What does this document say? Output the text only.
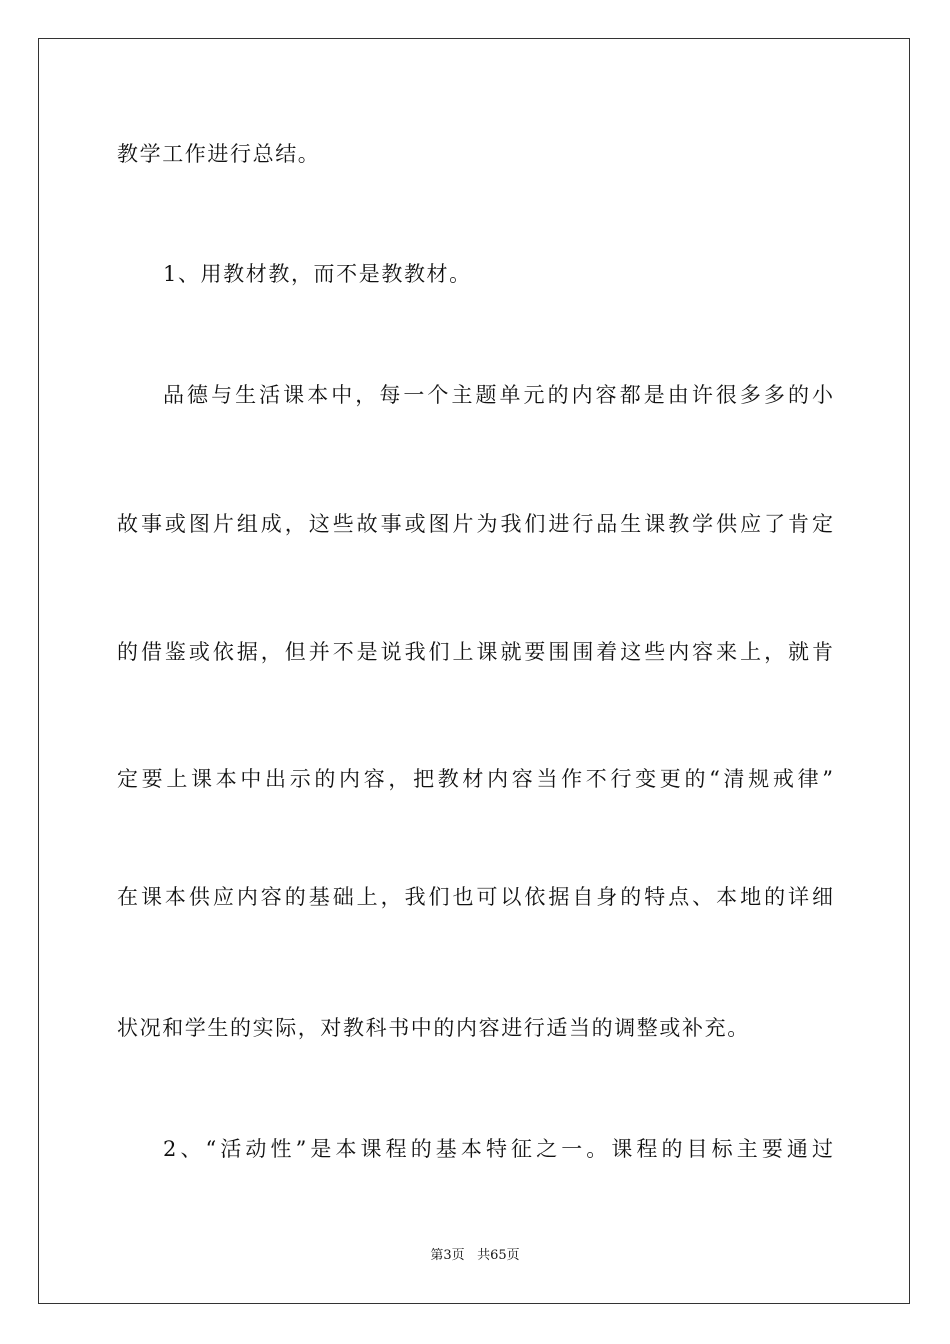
教学工作进行总结。
1、用教材教，而不是教教材。
品德与生活课本中，每一个主题单元的内容都是由许很多多的小
故事或图片组成，这些故事或图片为我们进行品生课教学供应了肯定
的借鉴或依据，但并不是说我们上课就要围围着这些内容来上，就肯
定要上课本中出示的内容，把教材内容当作不行变更的“清规戒律”
在课本供应内容的基础上，我们也可以依据自身的特点、本地的详细
状况和学生的实际，对教科书中的内容进行适当的调整或补充。
2、“活动性”是本课程的基本特征之一。课程的目标主要通过
第3页 共65页
